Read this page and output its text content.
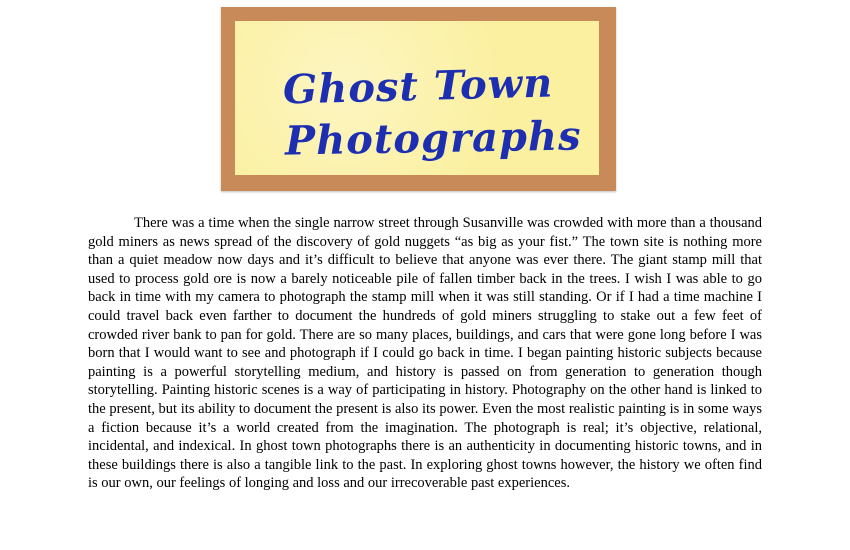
Ghost Town
Photographs

There was a time when the single narrow street through Susanville was crowded with more than a thousand gold miners as news spread of the discovery of gold nuggets “as big as your fist.” The town site is nothing more than a quiet meadow now days and it’s difficult to believe that anyone was ever there. The giant stamp mill that used to process gold ore is now a barely noticeable pile of fallen timber back in the trees. I wish I was able to go back in time with my camera to photograph the stamp mill when it was still standing. Or if I had a time machine I could travel back even farther to document the hundreds of gold miners struggling to stake out a few feet of crowded river bank to pan for gold. There are so many places, buildings, and cars that were gone long before I was born that I would want to see and photograph if I could go back in time. I began painting historic subjects because painting is a powerful storytelling medium, and history is passed on from generation to generation though storytelling. Painting historic scenes is a way of participating in history. Photography on the other hand is linked to the present, but its ability to document the present is also its power. Even the most realistic painting is in some ways a fiction because it’s a world created from the imagination. The photograph is real; it’s objective, relational, incidental, and indexical. In ghost town photographs there is an authenticity in documenting historic towns, and in these buildings there is also a tangible link to the past. In exploring ghost towns however, the history we often find is our own, our feelings of longing and loss and our irrecoverable past experiences.
